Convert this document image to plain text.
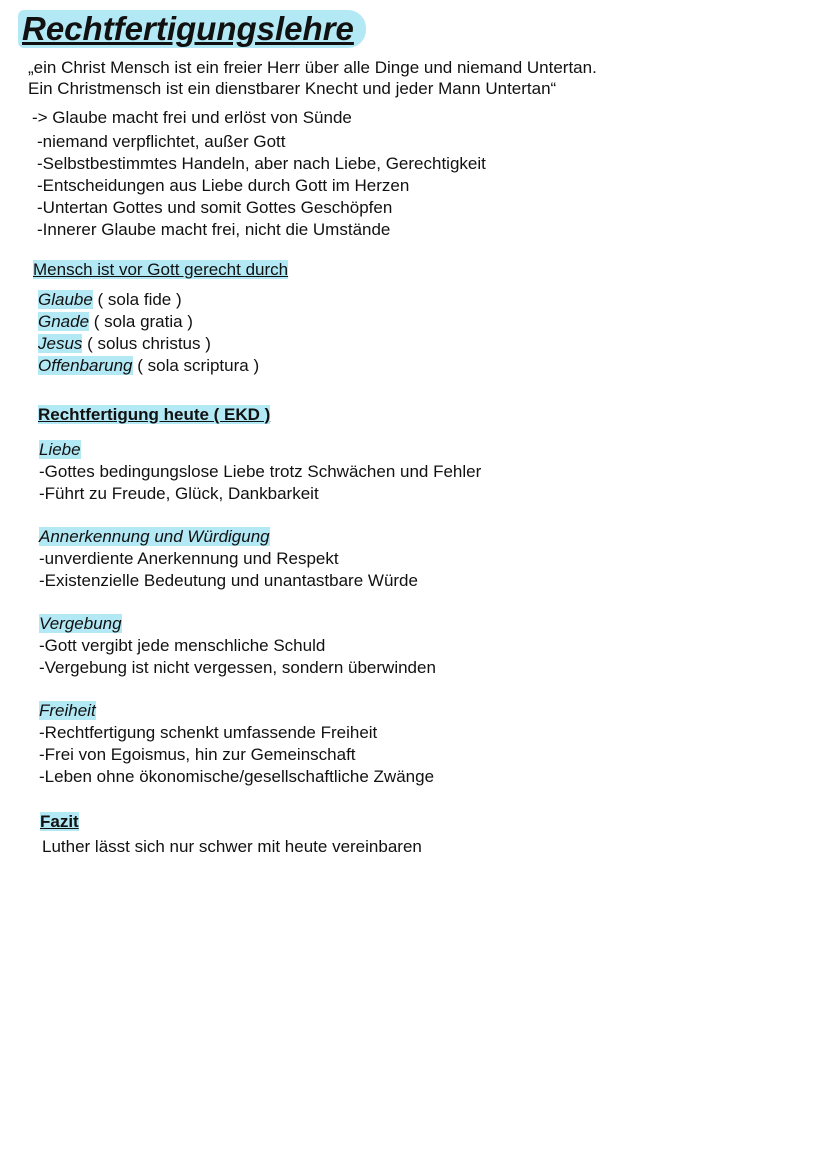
Rechtfertigungslehre
„ein Christ Mensch ist ein freier Herr über alle Dinge und niemand Untertan.
Ein Christmensch ist ein dienstbarer Knecht und jeder Mann Untertan“
-> Glaube macht frei und erlöst von Sünde
-niemand verpflichtet, außer Gott
-Selbstbestimmtes Handeln, aber nach Liebe, Gerechtigkeit
-Entscheidungen aus Liebe durch Gott im Herzen
-Untertan Gottes und somit Gottes Geschöpfen
-Innerer Glaube macht frei, nicht die Umstände
Mensch ist vor Gott gerecht durch
Glaube ( sola fide )
Gnade ( sola gratia )
Jesus ( solus christus )
Offenbarung ( sola scriptura )
Rechtfertigung heute ( EKD )
Liebe
-Gottes bedingungslose Liebe trotz Schwächen und Fehler
-Führt zu Freude, Glück, Dankbarkeit
Annerkennung und Würdigung
-unverdiente Anerkennung und Respekt
-Existenzielle Bedeutung und unantastbare Würde
Vergebung
-Gott vergibt jede menschliche Schuld
-Vergebung ist nicht vergessen, sondern überwinden
Freiheit
-Rechtfertigung schenkt umfassende Freiheit
-Frei von Egoismus, hin zur Gemeinschaft
-Leben ohne ökonomische/gesellschaftliche Zwänge
Fazit
Luther lässt sich nur schwer mit heute vereinbaren
